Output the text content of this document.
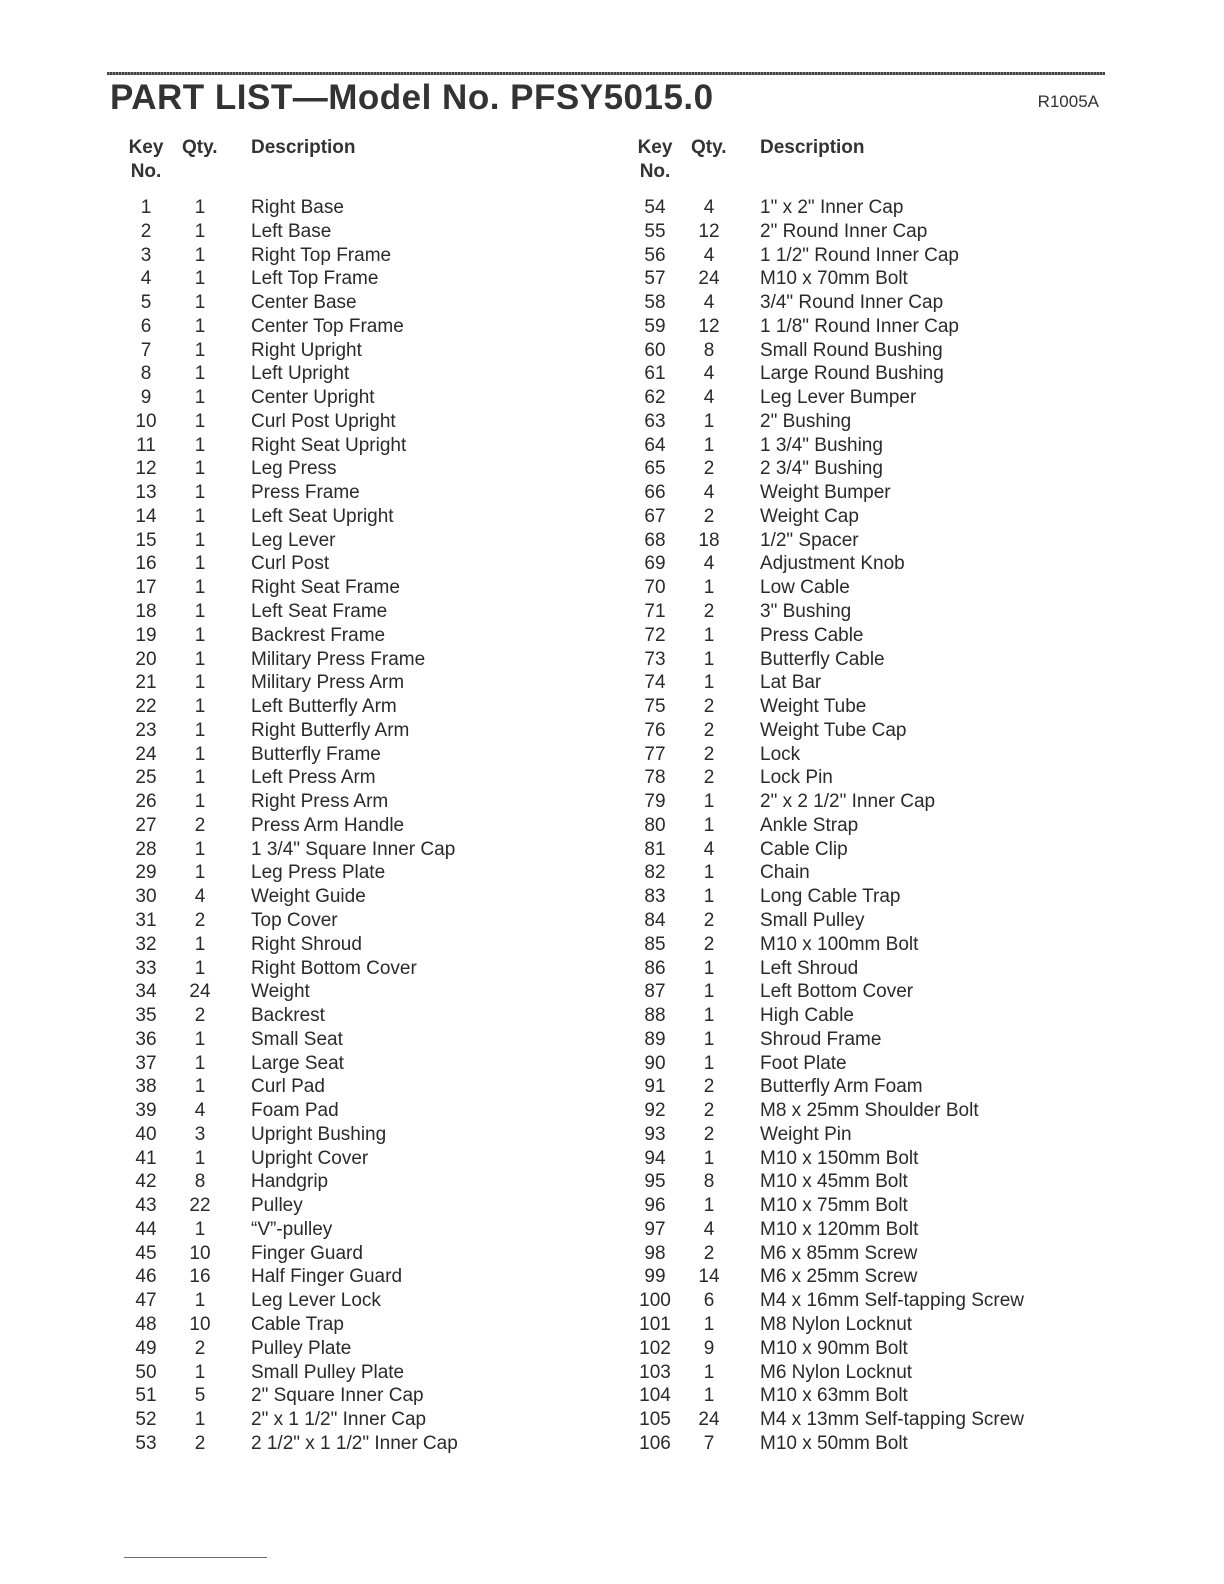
PART LIST—Model No. PFSY5015.0	R1005A
Key
No.
Qty. Description
1	1	Right Base
2	1	Left Base
3	1	Right Top Frame
4	1	Left Top Frame
5	1	Center Base
6	1	Center Top Frame
7	1	Right Upright
8	1	Left Upright
9	1	Center Upright
10	1	Curl Post Upright
11	1	Right Seat Upright
12	1	Leg Press
13	1	Press Frame
14	1	Left Seat Upright
15	1	Leg Lever
16	1	Curl Post
17	1	Right Seat Frame
18	1	Left Seat Frame
19	1	Backrest Frame
20	1	Military Press Frame
21	1	Military Press Arm
22	1	Left Butterfly Arm
23	1	Right Butterfly Arm
24	1	Butterfly Frame
25	1	Left Press Arm
26	1	Right Press Arm
27	2	Press Arm Handle
28	1	1 3/4" Square Inner Cap
29	1	Leg Press Plate
30	4	Weight Guide
31	2	Top Cover
32	1	Right Shroud
33	1	Right Bottom Cover
34	24 Weight
35	2	Backrest
36	1	Small Seat
37	1	Large Seat
38	1	Curl Pad
39	4	Foam Pad
40	3	Upright Bushing
41	1	Upright Cover
42	8	Handgrip
43	22 Pulley
44	1	“V”-pulley
45	10 Finger Guard
46	16 Half Finger Guard
47	1	Leg Lever Lock
48	10 Cable Trap
49	2	Pulley Plate
50	1	Small Pulley Plate
51	5	2" Square Inner Cap
52	1	2" x 1 1/2" Inner Cap
53	2	2 1/2" x 1 1/2" Inner Cap
Key
No.
Qty. Description
54	4	1" x 2" Inner Cap
55	12 2" Round Inner Cap
56	4	1 1/2" Round Inner Cap
57	24 M10 x 70mm Bolt
58	4	3/4" Round Inner Cap
59	12 1 1/8" Round Inner Cap
60	8	Small Round Bushing
61	4	Large Round Bushing
62	4	Leg Lever Bumper
63	1	2" Bushing
64	1	1 3/4" Bushing
65	2	2 3/4" Bushing
66	4	Weight Bumper
67	2	Weight Cap
68	18 1/2" Spacer
69	4	Adjustment Knob
70	1	Low Cable
71	2	3" Bushing
72	1	Press Cable
73	1	Butterfly Cable
74	1	Lat Bar
75	2	Weight Tube
76	2	Weight Tube Cap
77	2	Lock
78	2	Lock Pin
79	1	2" x 2 1/2" Inner Cap
80	1	Ankle Strap
81	4	Cable Clip
82	1	Chain
83	1	Long Cable Trap
84	2	Small Pulley
85	2	M10 x 100mm Bolt
86	1	Left Shroud
87	1	Left Bottom Cover
88	1	High Cable
89	1	Shroud Frame
90	1	Foot Plate
91	2	Butterfly Arm Foam
92	2	M8 x 25mm Shoulder Bolt
93	2	Weight Pin
94	1	M10 x 150mm Bolt
95	8	M10 x 45mm Bolt
96	1	M10 x 75mm Bolt
97	4	M10 x 120mm Bolt
98	2	M6 x 85mm Screw
99	14 M6 x 25mm Screw
100	6	M4 x 16mm Self-tapping Screw
101	1	M8 Nylon Locknut
102	9	M10 x 90mm Bolt
103	1	M6 Nylon Locknut
104	1	M10 x 63mm Bolt
105	24 M4 x 13mm Self-tapping Screw
106	7	M10 x 50mm Bolt
